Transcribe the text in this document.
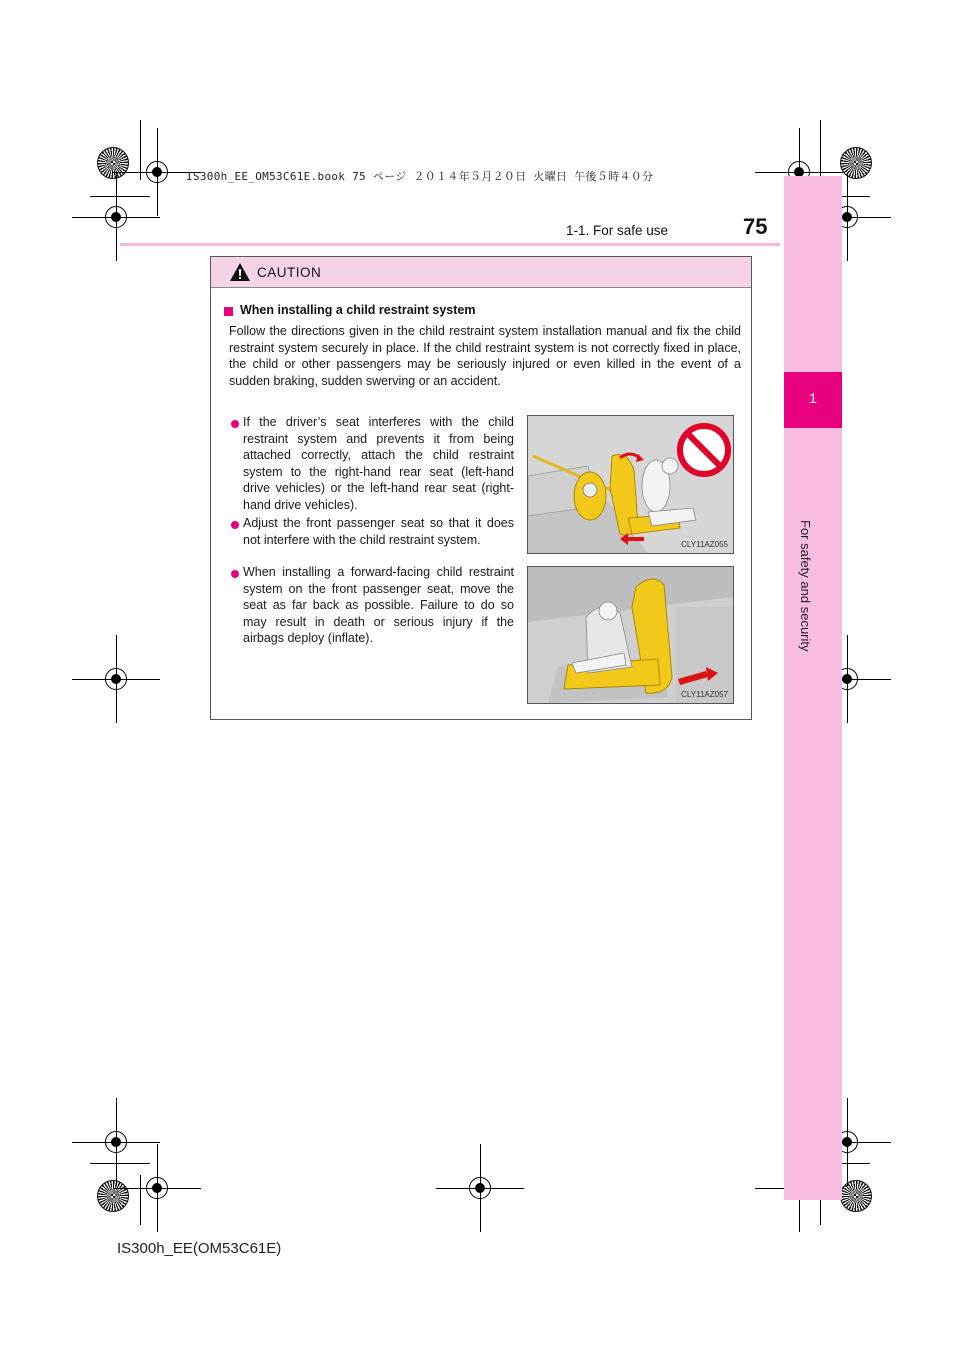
IS300h_EE_OM53C61E.book 75 ページ ２０１４年５月２０日 火曜日 午後５時４０分
1
For safety and security
1-1. For safe use	75
CAUTION
When installing a child restraint system
Follow the directions given in the child restraint system installation manual and fix the child restraint system securely in place. If the child restraint system is not correctly fixed in place, the child or other passengers may be seriously injured or even killed in the event of a sudden braking, sudden swerving or an accident.
If the driver’s seat interferes with the child restraint system and prevents it from being attached correctly, attach the child restraint system to the right-hand rear seat (left-hand drive vehicles) or the left-hand rear seat (right-hand drive vehicles).
Adjust the front passenger seat so that it does not interfere with the child restraint system.
When installing a forward-facing child restraint system on the front passenger seat, move the seat as far back as possible. Failure to do so may result in death or serious injury if the airbags deploy (inflate).
CLY11AZ055
CLY11AZ057
IS300h_EE(OM53C61E)
